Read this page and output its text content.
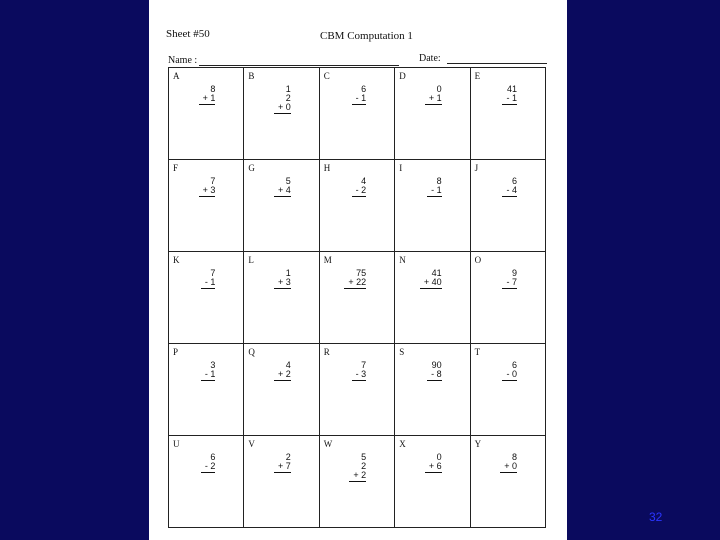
Sheet #50	CBM Computation 1
Name :	Date:
A
8
+ 1
B
1
2
+ 0
C
6
- 1
D
0
+ 1
E
41
- 1
F
7
+ 3
G
5
+ 4
H
4
- 2
I
8
- 1
J
6
- 4
K
7
- 1
L
1
+ 3
M
75
+ 22
N
41
+ 40
O
9
- 7
P
3
- 1
Q
4
+ 2
R
7
- 3
S
90
- 8
T
6
- 0
U
6
- 2
V
2
+ 7
W
5
2
+ 2
X
0
+ 6
Y
8
+ 0
32
